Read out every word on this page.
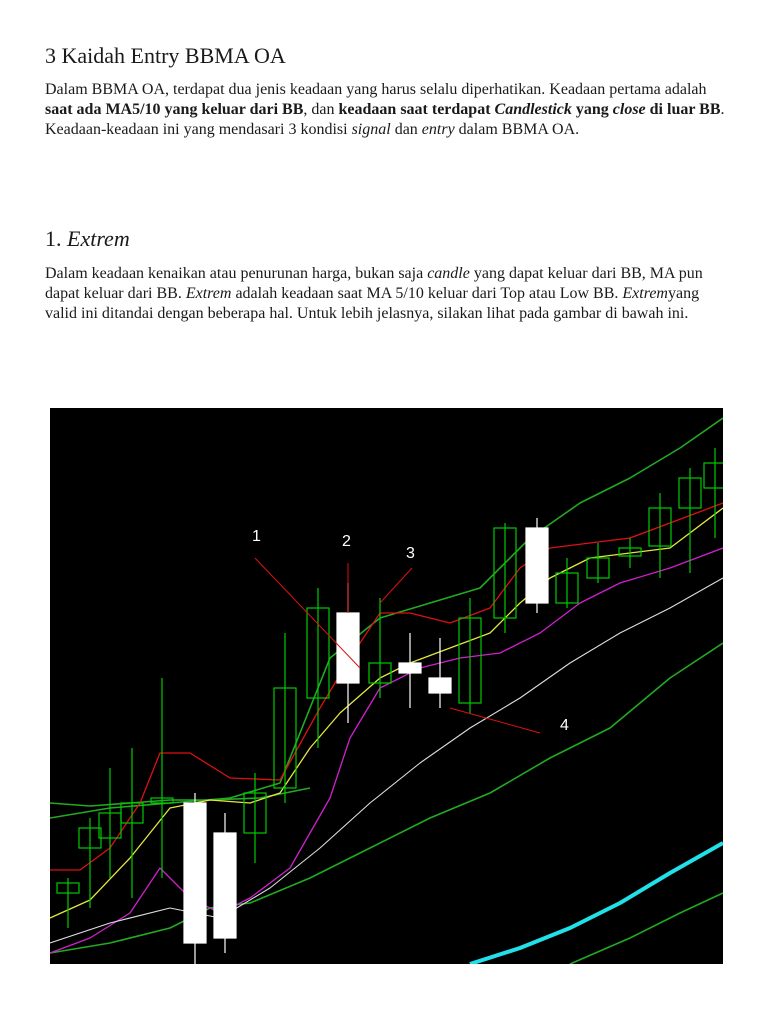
3 Kaidah Entry BBMA OA

Dalam BBMA OA, terdapat dua jenis keadaan yang harus selalu diperhatikan. Keadaan pertama adalah saat ada MA5/10 yang keluar dari BB, dan keadaan saat terdapat Candlestick yang close di luar BB. Keadaan-keadaan ini yang mendasari 3 kondisi signal dan entry dalam BBMA OA.

1. Extrem

Dalam keadaan kenaikan atau penurunan harga, bukan saja candle yang dapat keluar dari BB, MA pun dapat keluar dari BB. Extrem adalah keadaan saat MA 5/10 keluar dari Top atau Low BB. Extremyang valid ini ditandai dengan beberapa hal. Untuk lebih jelasnya, silakan lihat pada gambar di bawah ini.

1	2
3
4
